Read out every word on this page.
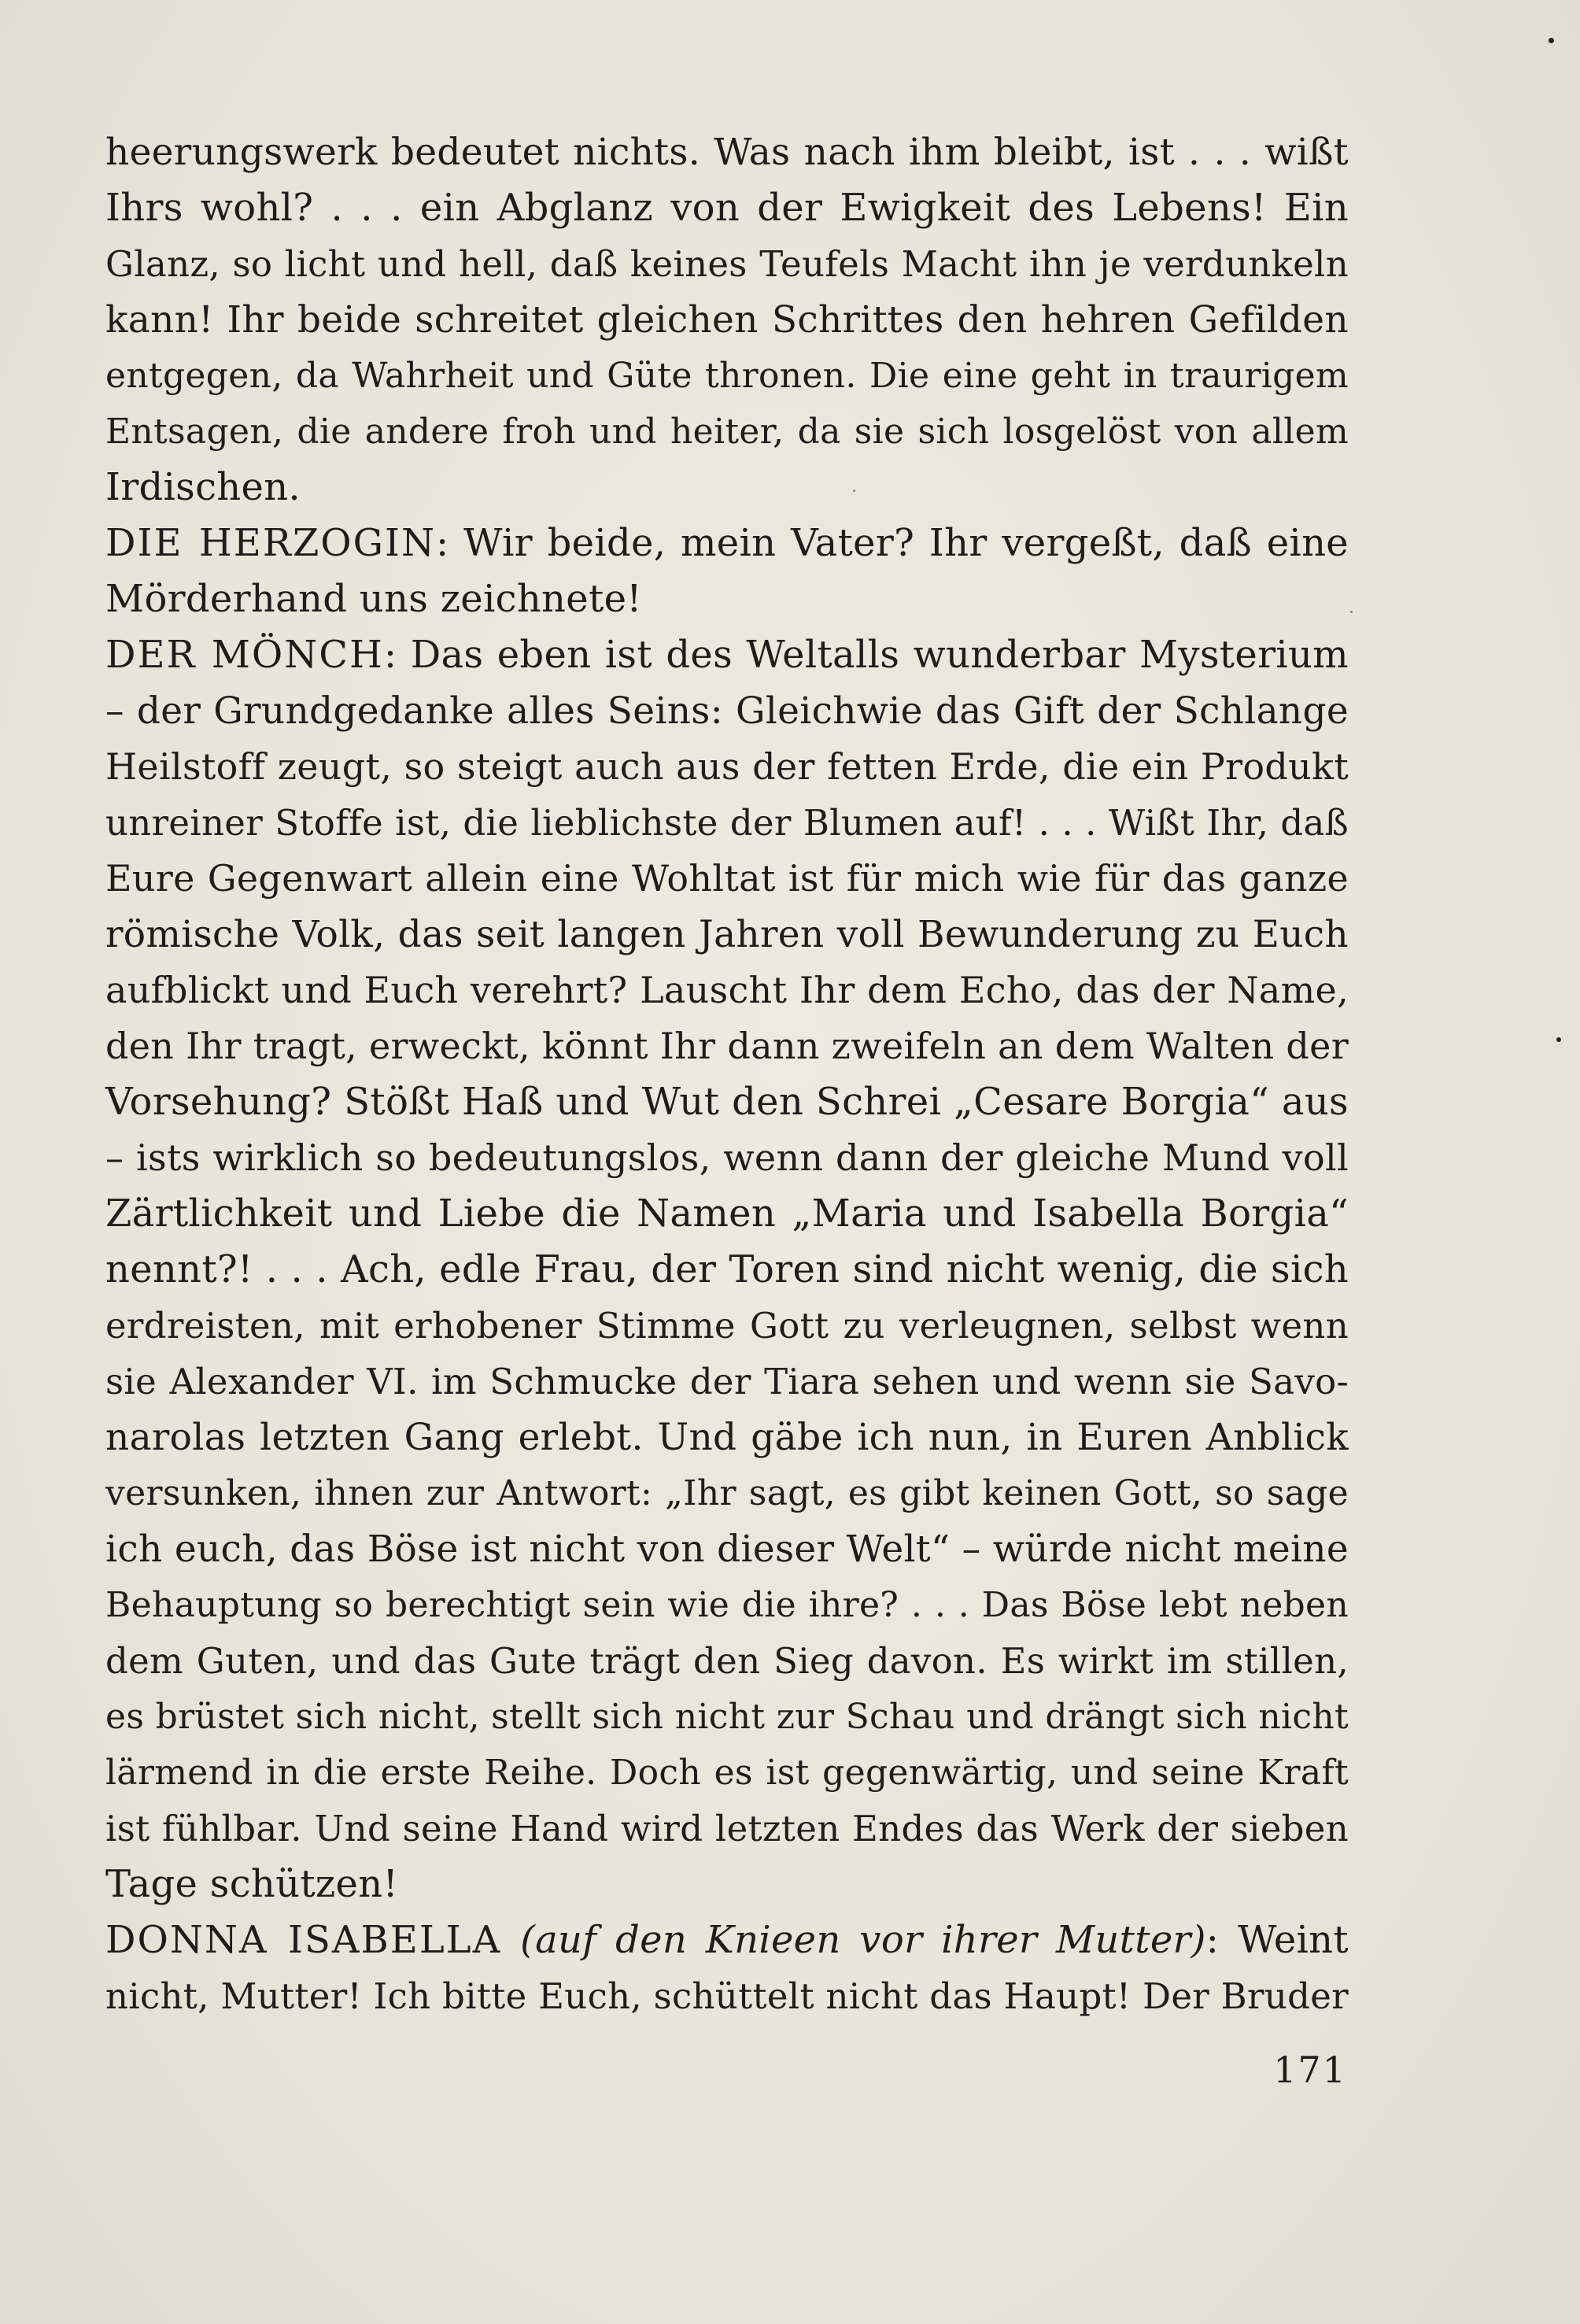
heerungswerk bedeutet nichts. Was nach ihm bleibt, ist . . . wißt
Ihrs wohl? . . . ein Abglanz von der Ewigkeit des Lebens! Ein
Glanz, so licht und hell, daß keines Teufels Macht ihn je verdunkeln
kann! Ihr beide schreitet gleichen Schrittes den hehren Gefilden
entgegen, da Wahrheit und Güte thronen. Die eine geht in traurigem
Entsagen, die andere froh und heiter, da sie sich losgelöst von allem
Irdischen.
DIE HERZOGIN: Wir beide, mein Vater? Ihr vergeßt, daß eine
Mörderhand uns zeichnete!
DER MÖNCH: Das eben ist des Weltalls wunderbar Mysterium
– der Grundgedanke alles Seins: Gleichwie das Gift der Schlange
Heilstoff zeugt, so steigt auch aus der fetten Erde, die ein Produkt
unreiner Stoffe ist, die lieblichste der Blumen auf! . . . Wißt Ihr, daß
Eure Gegenwart allein eine Wohltat ist für mich wie für das ganze
römische Volk, das seit langen Jahren voll Bewunderung zu Euch
aufblickt und Euch verehrt? Lauscht Ihr dem Echo, das der Name,
den Ihr tragt, erweckt, könnt Ihr dann zweifeln an dem Walten der
Vorsehung? Stößt Haß und Wut den Schrei „Cesare Borgia“ aus
– ists wirklich so bedeutungslos, wenn dann der gleiche Mund voll
Zärtlichkeit und Liebe die Namen „Maria und Isabella Borgia“
nennt?! . . . Ach, edle Frau, der Toren sind nicht wenig, die sich
erdreisten, mit erhobener Stimme Gott zu verleugnen, selbst wenn
sie Alexander VI. im Schmucke der Tiara sehen und wenn sie Savo-
narolas letzten Gang erlebt. Und gäbe ich nun, in Euren Anblick
versunken, ihnen zur Antwort: „Ihr sagt, es gibt keinen Gott, so sage
ich euch, das Böse ist nicht von dieser Welt“ – würde nicht meine
Behauptung so berechtigt sein wie die ihre? . . . Das Böse lebt neben
dem Guten, und das Gute trägt den Sieg davon. Es wirkt im stillen,
es brüstet sich nicht, stellt sich nicht zur Schau und drängt sich nicht
lärmend in die erste Reihe. Doch es ist gegenwärtig, und seine Kraft
ist fühlbar. Und seine Hand wird letzten Endes das Werk der sieben
Tage schützen!
DONNA ISABELLA (auf den Knieen vor ihrer Mutter): Weint
nicht, Mutter! Ich bitte Euch, schüttelt nicht das Haupt! Der Bruder
171
